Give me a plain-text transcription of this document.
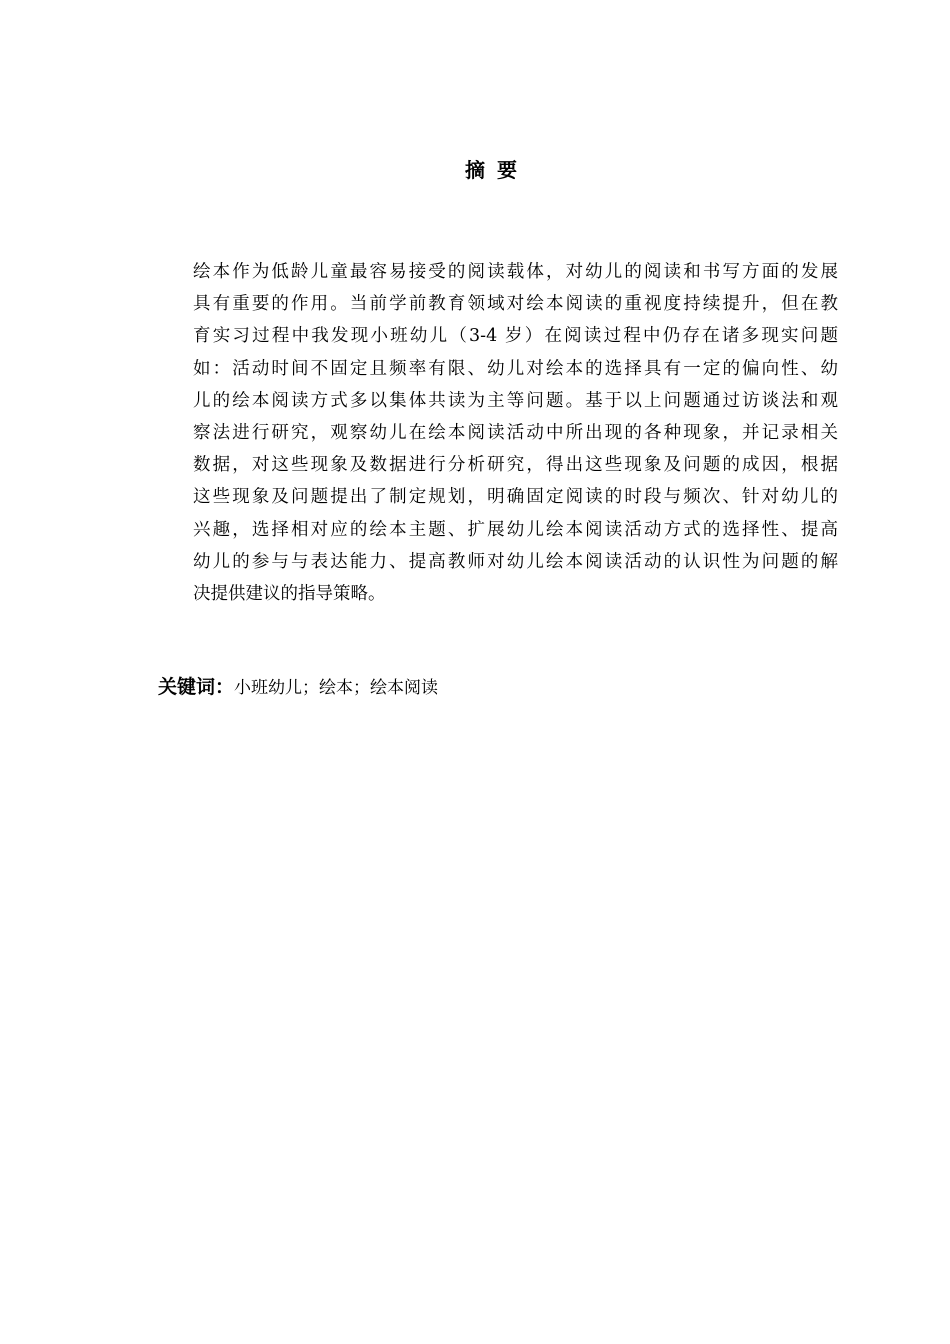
摘 要

绘本作为低龄儿童最容易接受的阅读载体，对幼儿的阅读和书写方面的发展
具有重要的作用。当前学前教育领域对绘本阅读的重视度持续提升，但在教
育实习过程中我发现小班幼儿（3-4 岁）在阅读过程中仍存在诸多现实问题
如：活动时间不固定且频率有限、幼儿对绘本的选择具有一定的偏向性、幼
儿的绘本阅读方式多以集体共读为主等问题。基于以上问题通过访谈法和观
察法进行研究，观察幼儿在绘本阅读活动中所出现的各种现象，并记录相关
数据，对这些现象及数据进行分析研究，得出这些现象及问题的成因，根据
这些现象及问题提出了制定规划，明确固定阅读的时段与频次、针对幼儿的
兴趣，选择相对应的绘本主题、扩展幼儿绘本阅读活动方式的选择性、提高
幼儿的参与与表达能力、提高教师对幼儿绘本阅读活动的认识性为问题的解
决提供建议的指导策略。

关键词：小班幼儿；绘本；绘本阅读
